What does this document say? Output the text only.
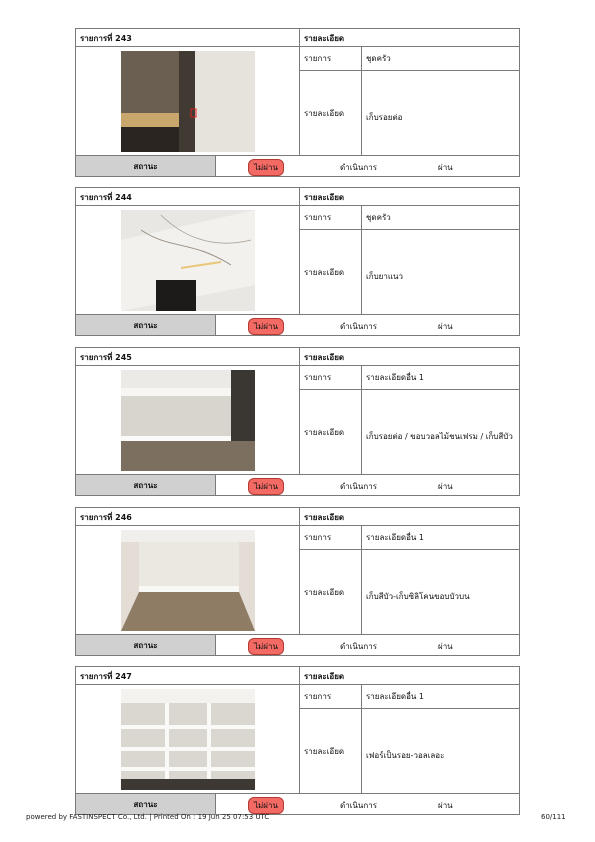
รายการที่ 243	รายละเอียด
รายการ	ชุดครัว
รายละเอียด	เก็บรอยต่อ
สถานะ	ไม่ผ่าน	ดำเนินการ	ผ่าน
รายการที่ 244	รายละเอียด
รายการ	ชุดครัว
รายละเอียด	เก็บยาแนว
สถานะ	ไม่ผ่าน	ดำเนินการ	ผ่าน
รายการที่ 245	รายละเอียด
รายการ	รายละเอียดอื่น 1
รายละเอียด	เก็บรอยต่อ / ขอบวอลไม้ชนเฟรม / เก็บสีบัว
สถานะ	ไม่ผ่าน	ดำเนินการ	ผ่าน
รายการที่ 246	รายละเอียด
รายการ	รายละเอียดอื่น 1
รายละเอียด	เก็บสีบัว-เก็บซิลิโคนขอบบัวบน
สถานะ	ไม่ผ่าน	ดำเนินการ	ผ่าน
รายการที่ 247	รายละเอียด
รายการ	รายละเอียดอื่น 1
รายละเอียด	เฟอร์เป็นรอย-วอลเลอะ
สถานะ	ไม่ผ่าน	ดำเนินการ	ผ่าน
powered by FASTINSPECT Co., Ltd. | Printed On : 19 Jun 25 07:53 UTC	60/111
